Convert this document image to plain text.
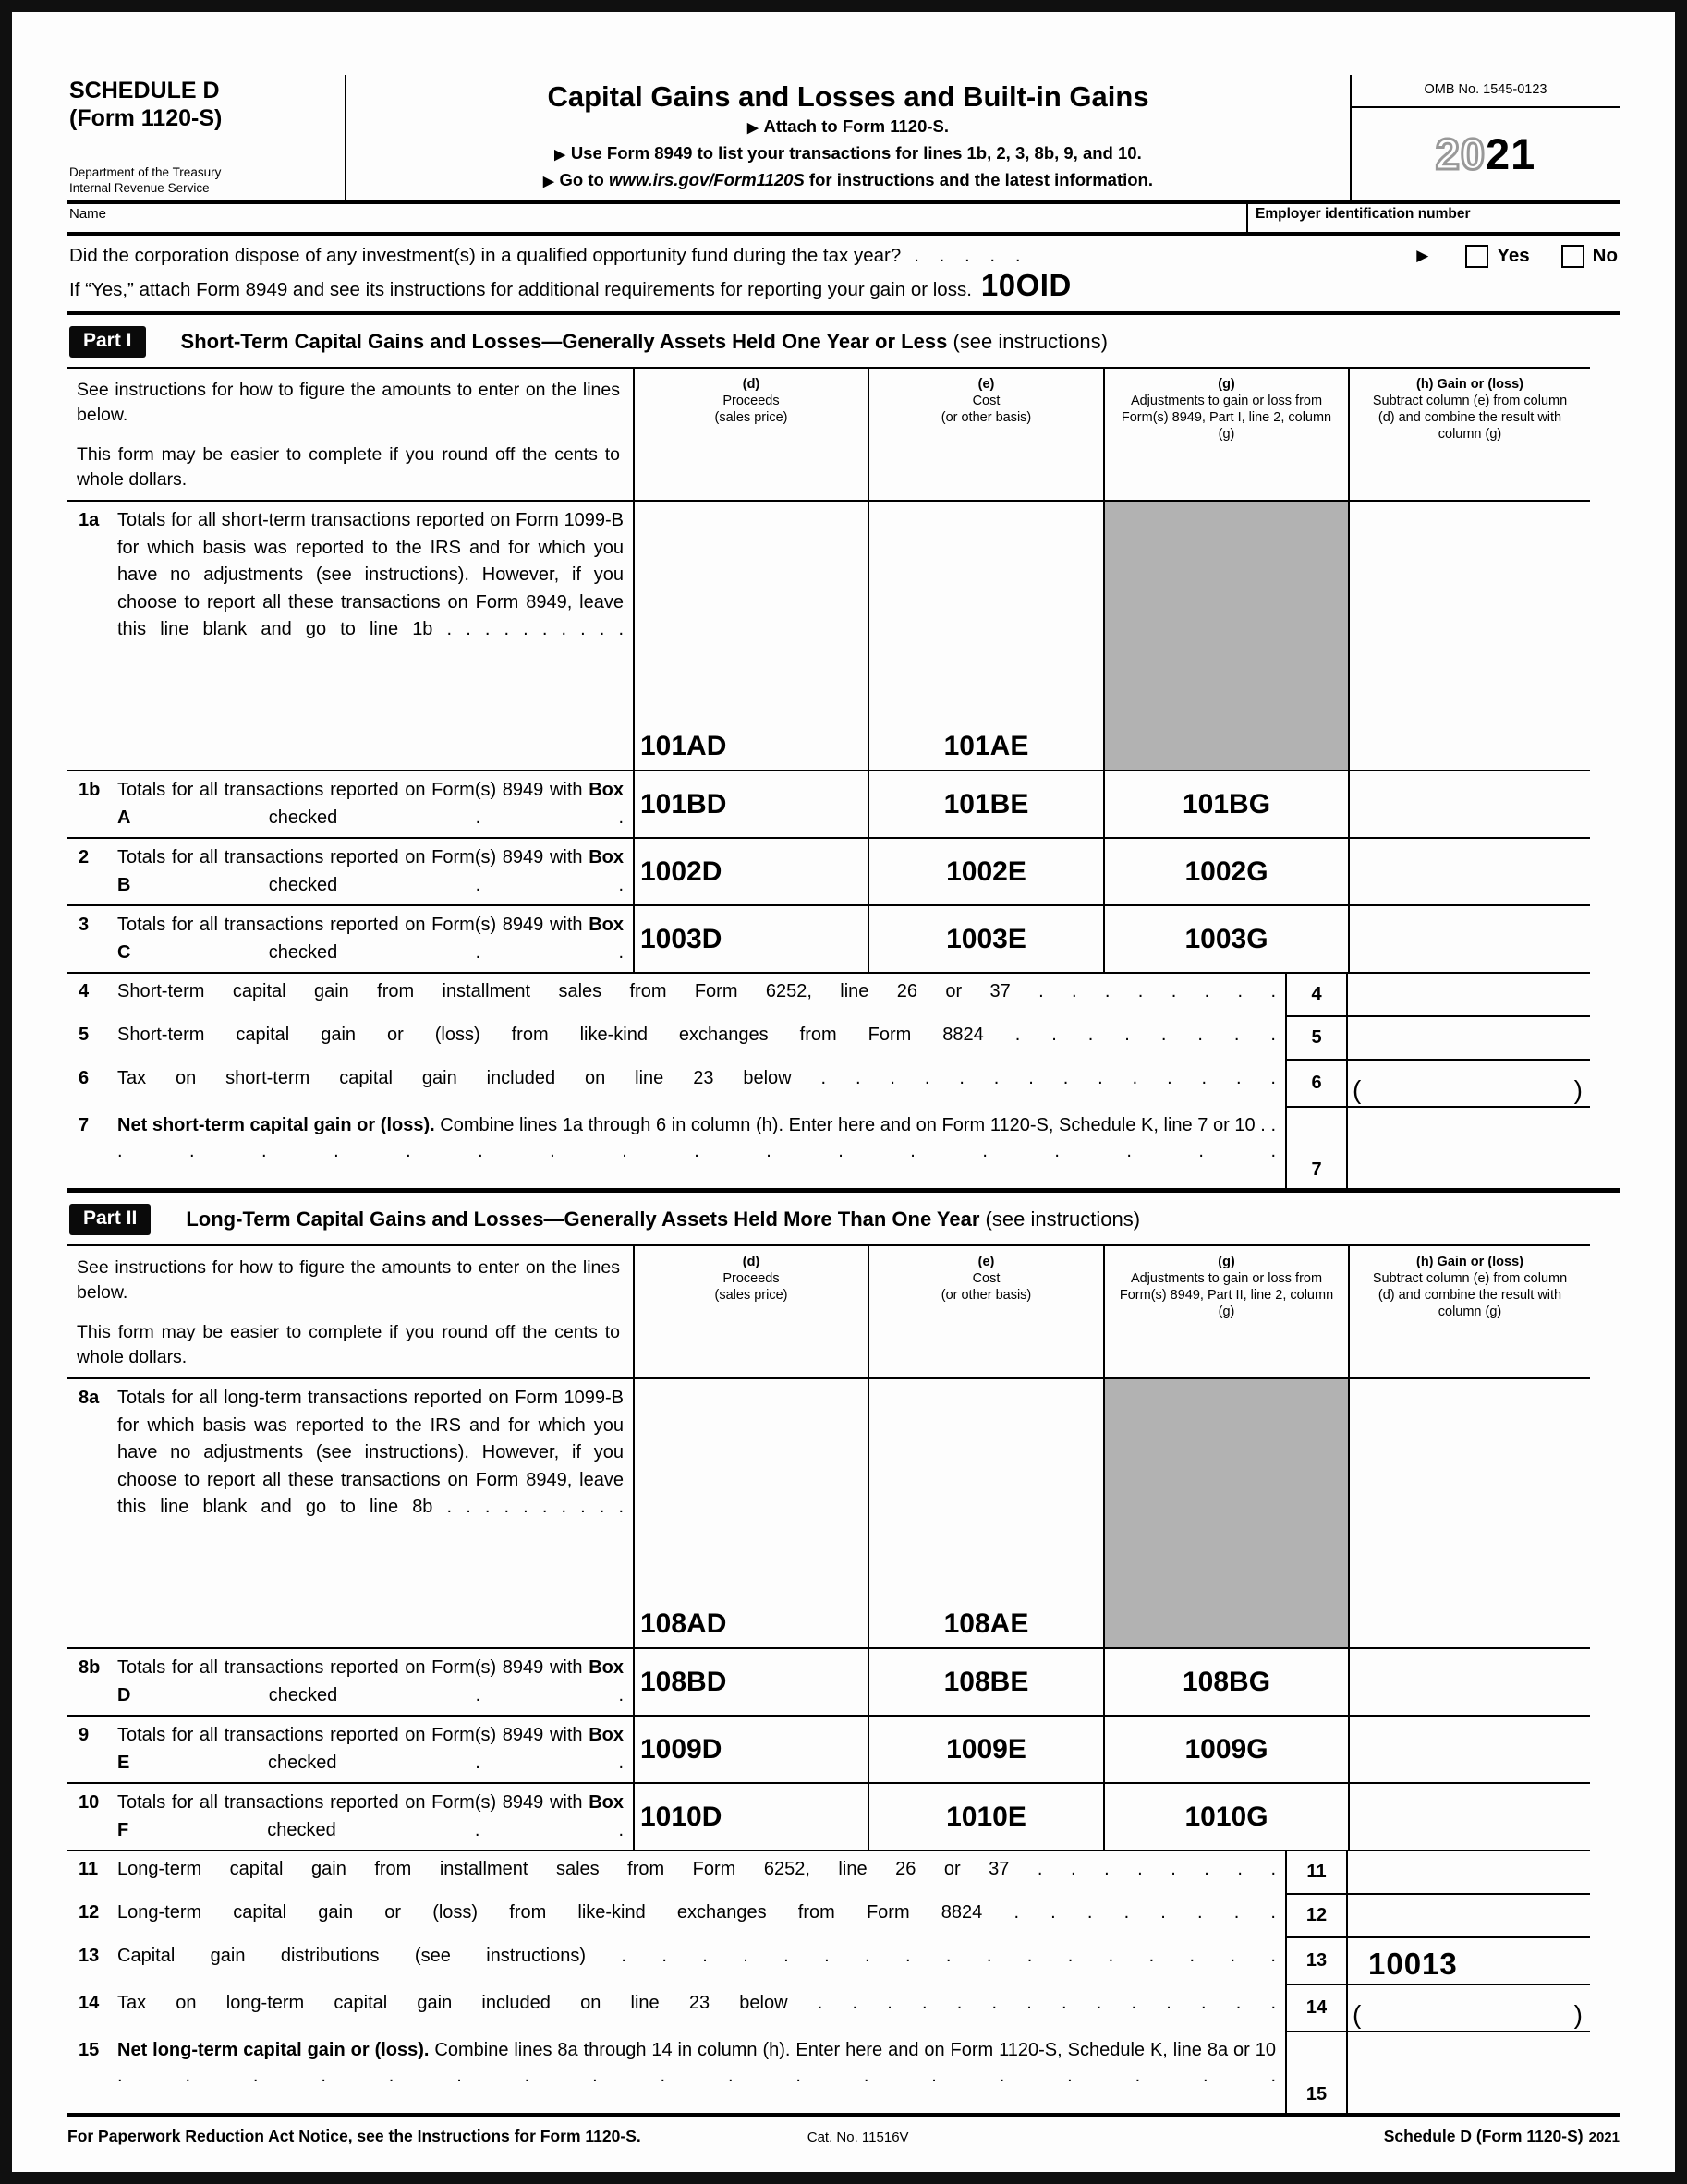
SCHEDULE D
(Form 1120-S)
Department of the Treasury
Internal Revenue Service
Capital Gains and Losses and Built-in Gains
▶ Attach to Form 1120-S.
▶ Use Form 8949 to list your transactions for lines 1b, 2, 3, 8b, 9, and 10.
▶ Go to www.irs.gov/Form1120S for instructions and the latest information.
OMB No. 1545-0123
2021
Name	Employer identification number
Did the corporation dispose of any investment(s) in a qualified opportunity fund during the tax year? . . . . .	▶	Yes	No
If “Yes,” attach Form 8949 and see its instructions for additional requirements for reporting your gain or loss. 10OID
Part I	Short-Term Capital Gains and Losses—Generally Assets Held One Year or Less (see instructions)

See instructions for how to figure the amounts to enter on the lines below.

This form may be easier to complete if you round off the cents to whole dollars.

(d)
Proceeds
(sales price)
(e)
Cost
(or other basis)
(g)
Adjustments to gain or loss from Form(s) 8949, Part I, line 2, column (g)
(h) Gain or (loss)
Subtract column (e) from column (d) and combine the result with column (g)
1a Totals for all short-term transactions reported on Form 1099-B for which basis was reported to the IRS and for which you have no adjustments (see instructions). However, if you choose to report all these transactions on Form 8949, leave this line blank and go to line 1b . . . . . . . . . .
101AD	101AE
1b Totals for all transactions reported on Form(s) 8949 with Box A checked . . 101BD	101BE	101BG
2	Totals for all transactions reported on Form(s) 8949 with Box B checked . . 1002D	1002E	1002G
3	Totals for all transactions reported on Form(s) 8949 with Box C checked . . 1003D	1003E	1003G
4	Short-term capital gain from installment sales from Form 6252, line 26 or 37 . . . . . . . .	4
5	Short-term capital gain or (loss) from like-kind exchanges from Form 8824 . . . . . . . .	5
6	Tax on short-term capital gain included on line 23 below . . . . . . . . . . . . . .	6	(	)
7	Net short-term capital gain or (loss). Combine lines 1a through 6 in column (h). Enter here and on Form 1120-S, Schedule K, line 7 or 10 . . . . . . . . . . . . . . . . . . .
7
Part II	Long-Term Capital Gains and Losses—Generally Assets Held More Than One Year (see instructions)

See instructions for how to figure the amounts to enter on the lines below.

This form may be easier to complete if you round off the cents to whole dollars.

(d)
Proceeds
(sales price)
(e)
Cost
(or other basis)
(g)
Adjustments to gain or loss from Form(s) 8949, Part II, line 2, column (g)
(h) Gain or (loss)
Subtract column (e) from column (d) and combine the result with column (g)
8a Totals for all long-term transactions reported on Form 1099-B for which basis was reported to the IRS and for which you have no adjustments (see instructions). However, if you choose to report all these transactions on Form 8949, leave this line blank and go to line 8b . . . . . . . . . .
108AD	108AE
8b Totals for all transactions reported on Form(s) 8949 with Box D checked . . 108BD	108BE	108BG
9	Totals for all transactions reported on Form(s) 8949 with Box E checked . . 1009D	1009E	1009G
10 Totals for all transactions reported on Form(s) 8949 with Box F checked . . 1010D	1010E	1010G
11	Long-term capital gain from installment sales from Form 6252, line 26 or 37 . . . . . . . .	11
12 Long-term capital gain or (loss) from like-kind exchanges from Form 8824 . . . . . . . .	12
13 Capital gain distributions (see instructions) . . . . . . . . . . . . . . . . .	13	10013
14 Tax on long-term capital gain included on line 23 below . . . . . . . . . . . . . .	14 (	)
15 Net long-term capital gain or (loss). Combine lines 8a through 14 in column (h). Enter here and on Form 1120-S, Schedule K, line 8a or 10 . . . . . . . . . . . . . . . . . .
15
For Paperwork Reduction Act Notice, see the Instructions for Form 1120-S.	Cat. No. 11516V	Schedule D (Form 1120-S) 2021
